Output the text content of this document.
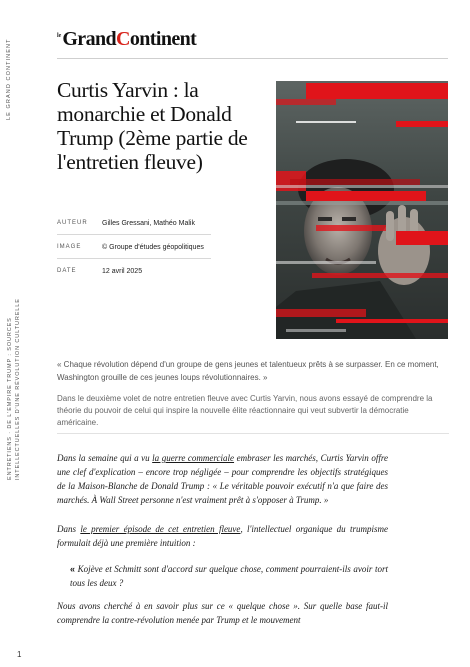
LE GRAND CONTINENT
ENTRETIENS · DE L'EMPIRE TRUMP : SOURCES INTELLECTUELLES D'UNE RÉVOLUTION CULTURELLE
1
le GrandContinent
Curtis Yarvin : la monarchie et Donald Trump (2ème partie de l'entretien fleuve)
AUTEUR	Gilles Gressani, Mathéo Malik
IMAGE	© Groupe d'études géopolitiques
DATE	12 avril 2025

« Chaque révolution dépend d'un groupe de gens jeunes et talentueux prêts à se surpasser. En ce moment, Washington grouille de ces jeunes loups révolutionnaires. »

Dans le deuxième volet de notre entretien fleuve avec Curtis Yarvin, nous avons essayé de comprendre la théorie du pouvoir de celui qui inspire la nouvelle élite réactionnaire qui veut subvertir la démocratie américaine.

Dans la semaine qui a vu la guerre commerciale embraser les marchés, Curtis Yarvin offre une clef d'explication – encore trop négligée – pour comprendre les objectifs stratégiques de la Maison-Blanche de Donald Trump : « Le véritable pouvoir exécutif n'a que faire des marchés. À Wall Street personne n'est vraiment prêt à s'opposer à Trump. »

Dans le premier épisode de cet entretien fleuve, l'intellectuel organique du trumpisme formulait déjà une première intuition :

« Kojève et Schmitt sont d'accord sur quelque chose, comment pourraient-ils avoir tort tous les deux ?

Nous avons cherché à en savoir plus sur ce « quelque chose ». Sur quelle base faut-il comprendre la contre-révolution menée par Trump et le mouvement
